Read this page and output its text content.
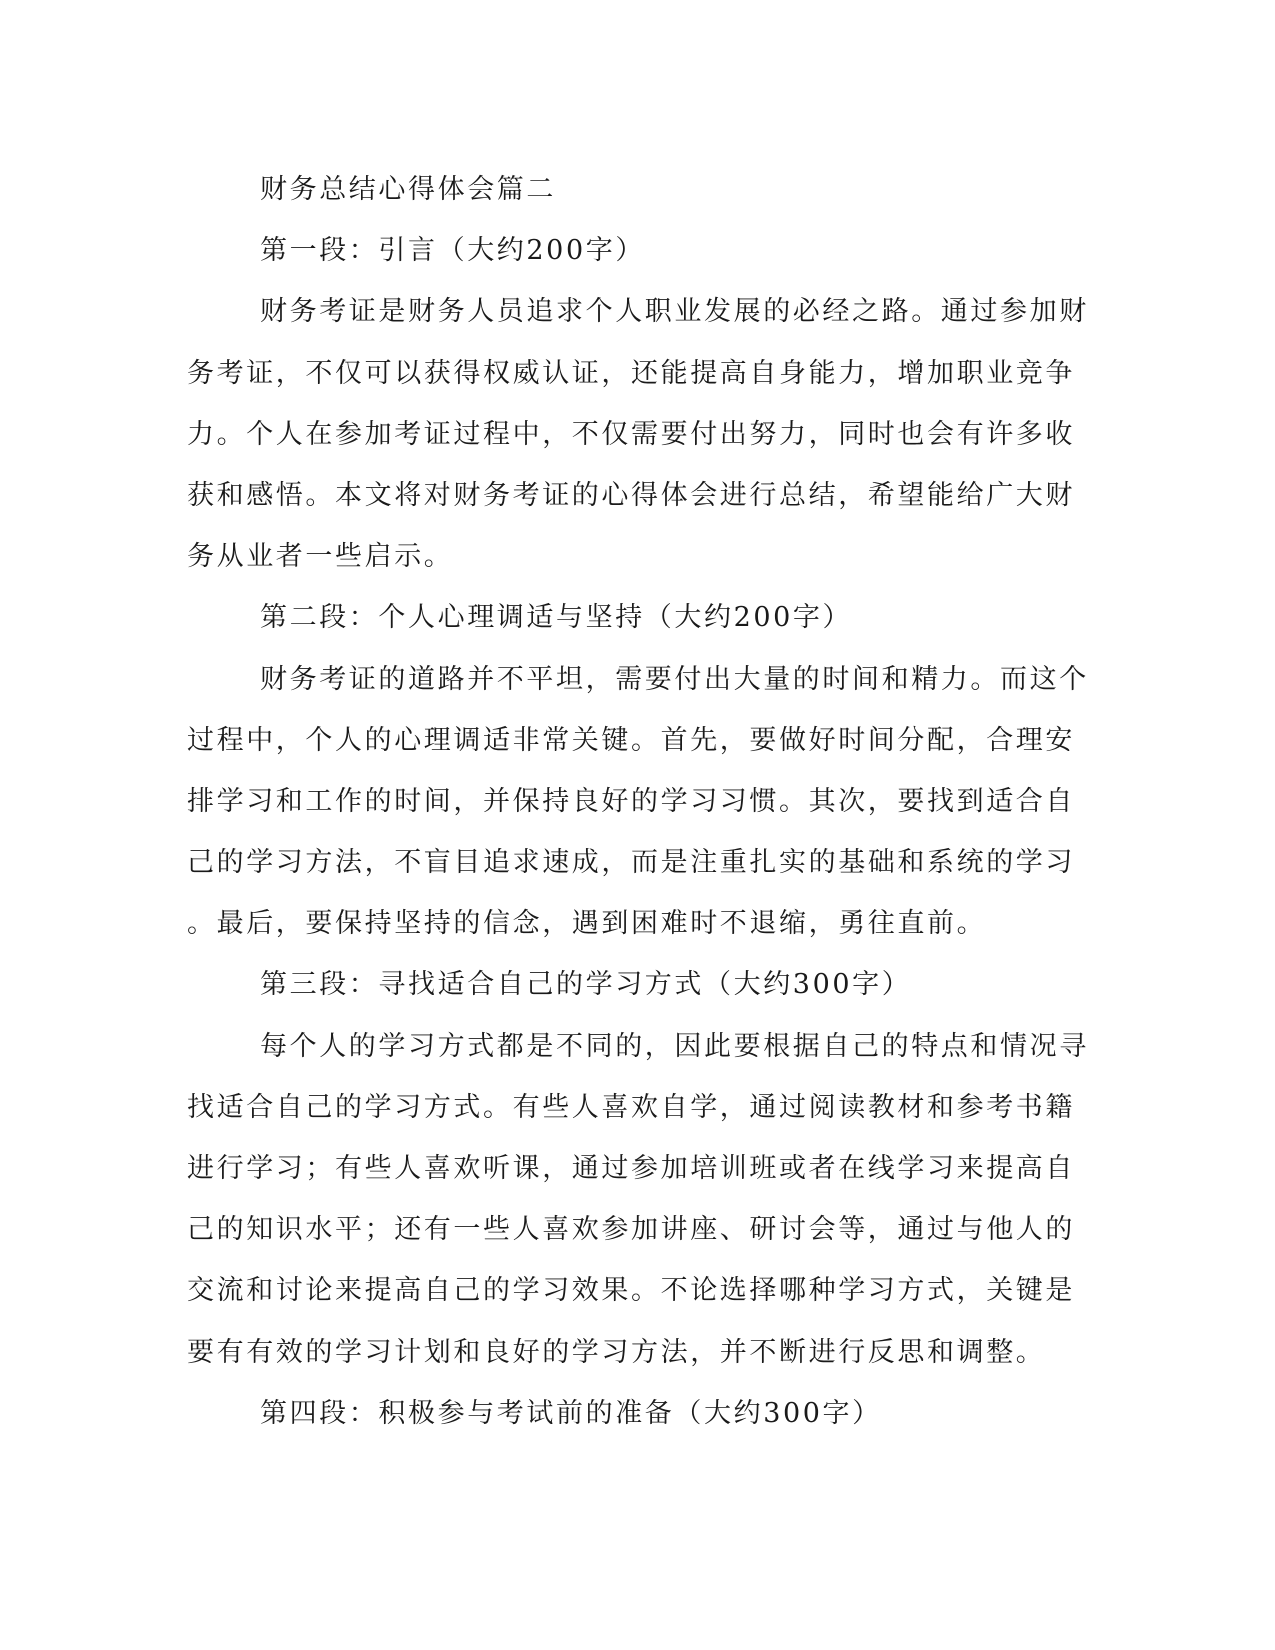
财务总结心得体会篇二
第一段：引言（大约200字）
财务考证是财务人员追求个人职业发展的必经之路。通过参加财
务考证，不仅可以获得权威认证，还能提高自身能力，增加职业竞争
力。个人在参加考证过程中，不仅需要付出努力，同时也会有许多收
获和感悟。本文将对财务考证的心得体会进行总结，希望能给广大财
务从业者一些启示。
第二段：个人心理调适与坚持（大约200字）
财务考证的道路并不平坦，需要付出大量的时间和精力。而这个
过程中，个人的心理调适非常关键。首先，要做好时间分配，合理安
排学习和工作的时间，并保持良好的学习习惯。其次，要找到适合自
己的学习方法，不盲目追求速成，而是注重扎实的基础和系统的学习
。最后，要保持坚持的信念，遇到困难时不退缩，勇往直前。
第三段：寻找适合自己的学习方式（大约300字）
每个人的学习方式都是不同的，因此要根据自己的特点和情况寻
找适合自己的学习方式。有些人喜欢自学，通过阅读教材和参考书籍
进行学习；有些人喜欢听课，通过参加培训班或者在线学习来提高自
己的知识水平；还有一些人喜欢参加讲座、研讨会等，通过与他人的
交流和讨论来提高自己的学习效果。不论选择哪种学习方式，关键是
要有有效的学习计划和良好的学习方法，并不断进行反思和调整。
第四段：积极参与考试前的准备（大约300字）
